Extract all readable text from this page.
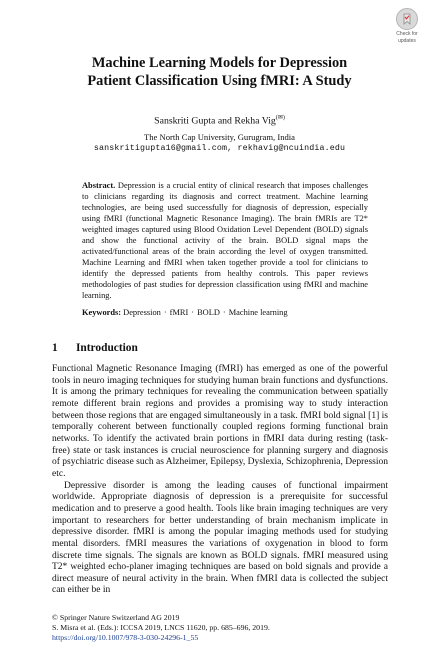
Check for
updates
Machine Learning Models for Depression
Patient Classification Using fMRI: A Study
Sanskriti Gupta and Rekha Vig(✉)
The North Cap University, Gurugram, India
sanskritigupta16@gmail.com, rekhavig@ncuindia.edu
Abstract. Depression is a crucial entity of clinical research that imposes challenges to clinicians regarding its diagnosis and correct treatment. Machine learning technologies, are being used successfully for diagnosis of depression, especially using fMRI (functional Magnetic Resonance Imaging). The brain fMRIs are T2* weighted images captured using Blood Oxidation Level Dependent (BOLD) signals and show the functional activity of the brain. BOLD signal maps the activated/functional areas of the brain according the level of oxygen transmitted. Machine Learning and fMRI when taken together provide a tool for clinicians to identify the depressed patients from healthy controls. This paper reviews methodologies of past studies for depression classification using fMRI and machine learning.
Keywords: Depression · fMRI · BOLD · Machine learning
1 Introduction

Functional Magnetic Resonance Imaging (fMRI) has emerged as one of the powerful tools in neuro imaging techniques for studying human brain functions and dysfunctions. It is among the primary techniques for revealing the communication between spatially remote different brain regions and provides a promising way to study interaction between those regions that are engaged simultaneously in a task. fMRI bold signal [1] is temporally coherent between functionally coupled regions forming functional brain networks. To identify the activated brain portions in fMRI data during resting (task-free) state or task instances is crucial neuroscience for planning surgery and diagnosis of psychiatric disease such as Alzheimer, Epilepsy, Dyslexia, Schizophrenia, Depression etc.

Depressive disorder is among the leading causes of functional impairment worldwide. Appropriate diagnosis of depression is a prerequisite for successful medication and to preserve a good health. Tools like brain imaging techniques are very important to researchers for better understanding of brain mechanism implicate in depressive disorder. fMRI is among the popular imaging methods used for studying mental disorders. fMRI measures the variations of oxygenation in blood to form discrete time signals. The signals are known as BOLD signals. fMRI measured using T2* weighted echo-planer imaging techniques are based on bold signals and provide a direct measure of neural activity in the brain. When fMRI data is collected the subject can either be in

© Springer Nature Switzerland AG 2019
S. Misra et al. (Eds.): ICCSA 2019, LNCS 11620, pp. 685–696, 2019.
https://doi.org/10.1007/978-3-030-24296-1_55
